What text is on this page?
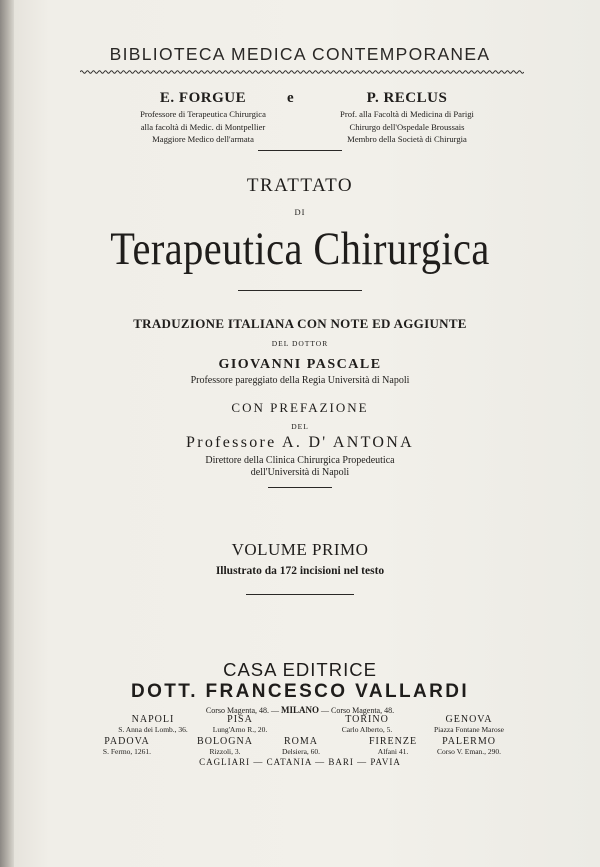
BIBLIOTECA MEDICA CONTEMPORANEA
E. FORGUE
Professore di Terapeutica Chirurgica
alla facoltà di Medic. di Montpellier
Maggiore Medico dell'armata
e	P. RECLUS
Prof. alla Facoltà di Medicina di Parigi
Chirurgo dell'Ospedale Broussais
Membro della Società di Chirurgia
TRATTATO
DI
Terapeutica Chirurgica
TRADUZIONE ITALIANA CON NOTE ED AGGIUNTE
DEL DOTTOR
GIOVANNI PASCALE
Professore pareggiato della Regia Università di Napoli
CON PREFAZIONE
DEL
Professore A. D' ANTONA
Direttore della Clinica Chirurgica Propedeutica
dell'Università di Napoli
VOLUME PRIMO
Illustrato da 172 incisioni nel testo
CASA EDITRICE
DOTT. FRANCESCO VALLARDI
Corso Magenta, 48. — MILANO — Corso Magenta, 48.
NAPOLI
S. Anna dei Lomb., 36.
PISA
Lung'Arno R., 20.
TORINO
Carlo Alberto, 5.
GENOVA
Piazza Fontane Marose
PADOVA
S. Fermo, 1261.
BOLOGNA
Rizzoli, 3.
ROMA
Delsiera, 60.
FIRENZE
Alfani 41.
PALERMO
Corso V. Eman., 290.
CAGLIARI — CATANIA — BARI — PAVIA
